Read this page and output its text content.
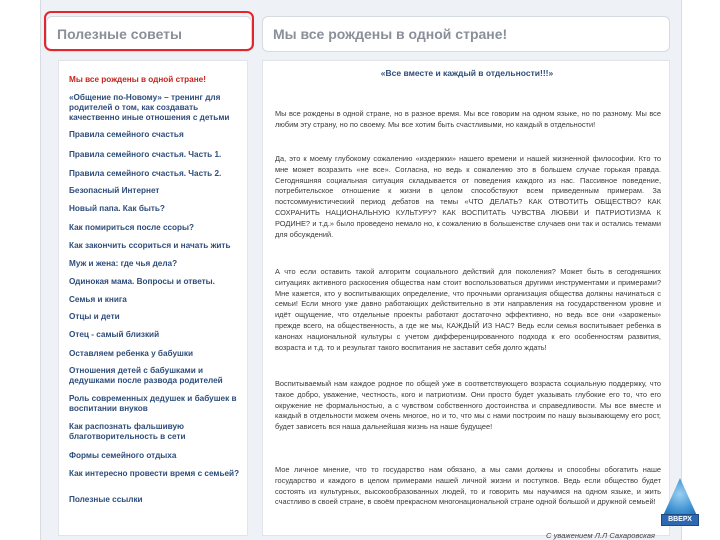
Полезные советы	Мы все рождены в одной стране!
Мы все рождены в одной стране!
«Общение по-Новому» – тренинг для родителей о том, как создавать качественно иные отношения с детьми
Правила семейного счастья
Правила семейного счастья. Часть 1.
Правила семейного счастья. Часть 2.
Безопасный Интернет
Новый папа. Как быть?
Как помириться после ссоры?
Как закончить ссориться и начать жить
Муж и жена: где чья дела?
Одинокая мама. Вопросы и ответы.
Семья и книга
Отцы и дети
Отец - самый близкий
Оставляем ребенка у бабушки
Отношения детей с бабушками и дедушками после развода родителей
Роль современных дедушек и бабушек в воспитании внуков
Как распознать фальшивую благотворительность в сети
Формы семейного отдыха
Как интересно провести время с семьей?
Полезные ссылки
«Все вместе и каждый в отдельности!!!»

Мы все рождены в одной стране, но в разное время. Мы все говорим на одном языке, но по разному. Мы все любим эту страну, но по своему. Мы все хотим быть счастливыми, но каждый в отдельности!

Да, это к моему глубокому сожалению «издержки» нашего времени и нашей жизненной философии. Кто то мне может возразить «не все». Согласна, но ведь к сожалению это в большем случае горькая правда. Сегодняшняя социальная ситуация складывается от поведения каждого из нас. Пассивное поведение, потребительское отношение к жизни в целом способствуют всем приведенным примерам. За постсоммунистический период дебатов на темы «ЧТО ДЕЛАТЬ? КАК ОТВОТИТЬ ОБЩЕСТВО? КАК СОХРАНИТЬ НАЦИОНАЛЬНУЮ КУЛЬТУРУ? КАК ВОСПИТАТЬ ЧУВСТВА ЛЮБВИ И ПАТРИОТИЗМА К РОДИНЕ? и т.д.» было проведено немало но, к сожалению в большенстве случаев они так и остались темами для обсуждений.

А что если оставить такой алгоритм социального действий для поколения? Может быть в сегодняшних ситуациях активного раскосения общества нам стоит воспользоваться другими инструментами и примерами? Мне кажется, кто у воспитывающих определение, что прочными организация общества должны начинаться с семьи! Если много уже давно работающих действительно в эти направления на государственном уровне и идёт ощущение, что отдельные проекты работают достаточно эффективно, но ведь все они «зарожены» прежде всего, на общественность, а где же мы, КАЖДЫЙ ИЗ НАС? Ведь если семья воспитывает ребенка в канонах национальной культуры с учетом дифференцированного подхода к его особенностям развития, возраста и т.д. то и результат такого воспитания не заставит себя долго ждать!

Воспитываемый нам каждое родное по общей уже в соответствующего возраста социальную поддержку, что такое добро, уважение, честность, кого и патриотизм. Они просто будет указывать глубокие его то, что его окружение не формальностью, а с чувством собственного достоинства и справедливости. Мы все вместе и каждый в отдельности можем очень многое, но и то, что мы с нами построим по нашу вызывающему его рост, будет зависеть вся наша дальнейшая жизнь на наше будущее!

Мое личное мнение, что то государство нам обязано, а мы сами должны и способны обогатить наше государство и каждого в целом примерами нашей личной жизни и поступков. Ведь если общество будет состоять из культурных, высокообразованных людей, то и говорить мы научимся на одном языке, и жить счастливо в своей стране, в своём прекрасном многонациональной стране одной большой и дружной семьей!

С уважением Л.Л Сахаровская
ВВЕРХ
